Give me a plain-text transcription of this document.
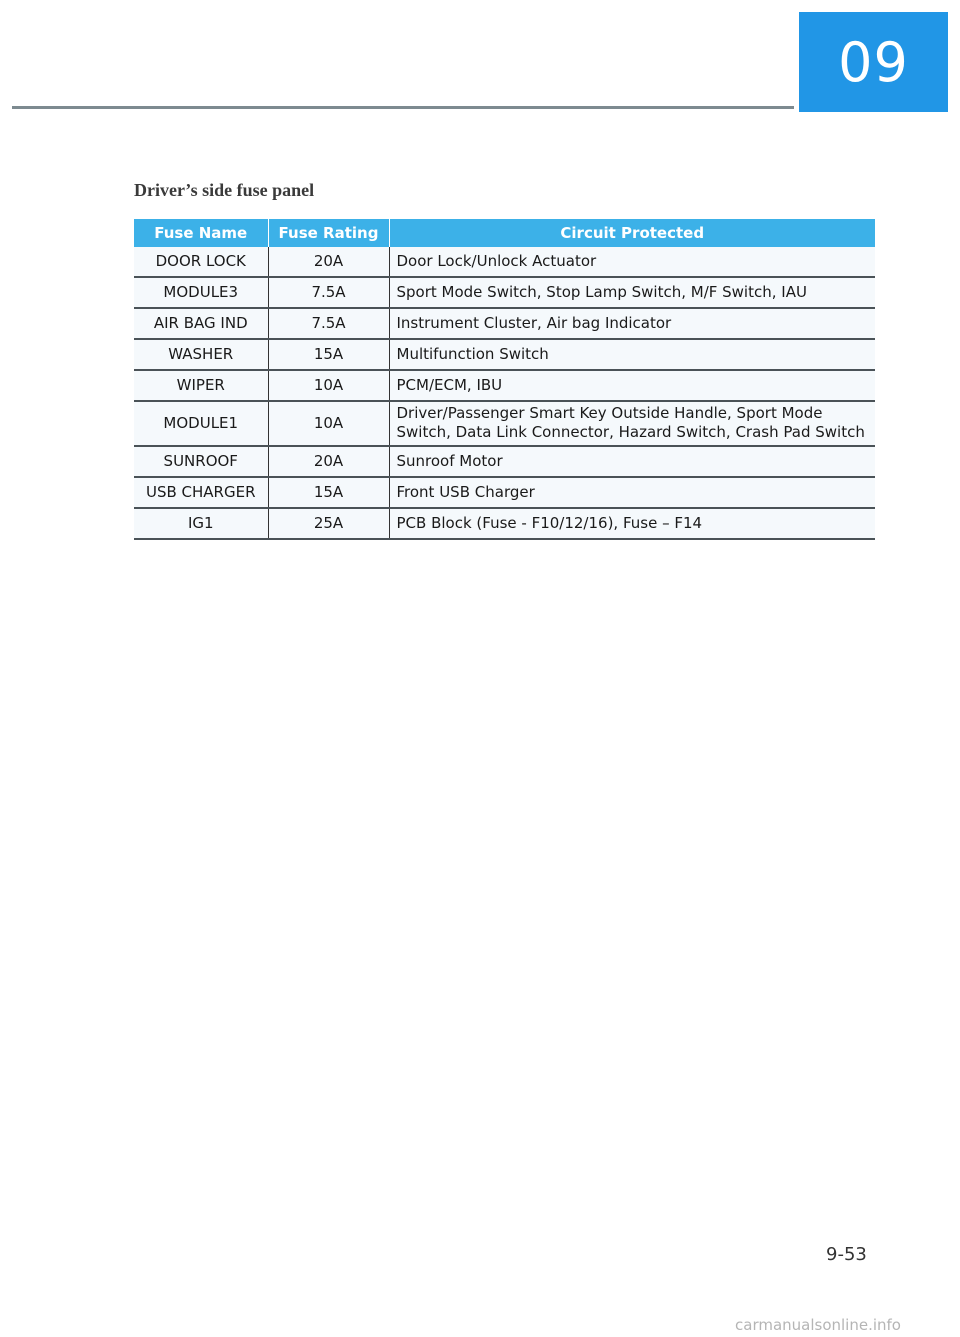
09
Driver’s side fuse panel
Fuse Name	Fuse Rating	Circuit Protected
DOOR LOCK	20A	Door Lock/Unlock Actuator
MODULE3	7.5A	Sport Mode Switch, Stop Lamp Switch, M/F Switch, IAU
AIR BAG IND	7.5A	Instrument Cluster, Air bag Indicator
WASHER	15A	Multifunction Switch
WIPER	10A	PCM/ECM, IBU
MODULE1	10A	Driver/Passenger Smart Key Outside Handle, Sport Mode Switch, Data Link Connector, Hazard Switch, Crash Pad Switch
SUNROOF	20A	Sunroof Motor
USB CHARGER	15A	Front USB Charger
IG1	25A	PCB Block (Fuse - F10/12/16), Fuse – F14
9-53
carmanualsonline.info
